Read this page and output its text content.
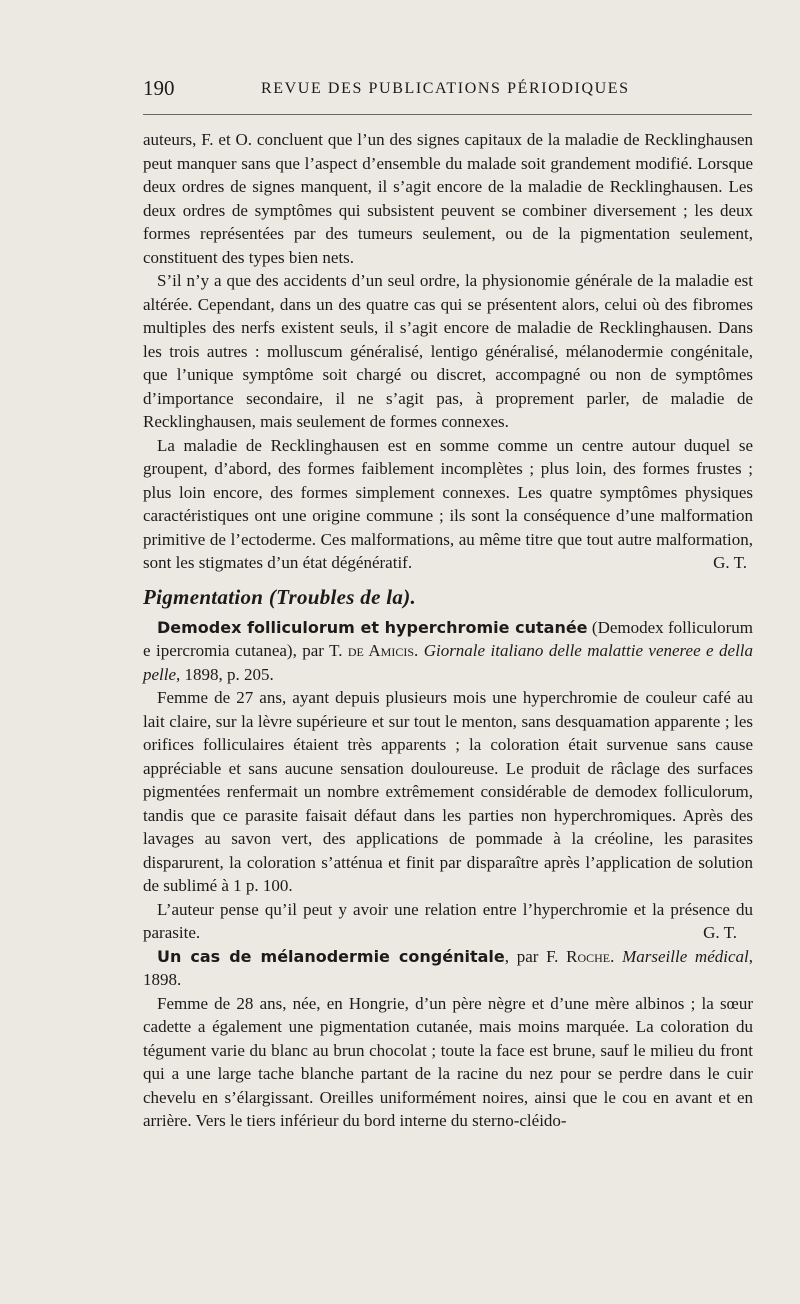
190	REVUE DES PUBLICATIONS PÉRIODIQUES

auteurs, F. et O. concluent que l’un des signes capitaux de la maladie de Recklinghausen peut manquer sans que l’aspect d’ensemble du malade soit grandement modifié. Lorsque deux ordres de signes manquent, il s’agit encore de la maladie de Recklinghausen. Les deux ordres de symptômes qui subsistent peuvent se combiner diversement ; les deux formes représentées par des tumeurs seulement, ou de la pigmentation seulement, constituent des types bien nets.

S’il n’y a que des accidents d’un seul ordre, la physionomie générale de la maladie est altérée. Cependant, dans un des quatre cas qui se présentent alors, celui où des fibromes multiples des nerfs existent seuls, il s’agit encore de maladie de Recklinghausen. Dans les trois autres : molluscum généralisé, lentigo généralisé, mélanodermie congénitale, que l’unique symptôme soit chargé ou discret, accompagné ou non de symptômes d’importance secondaire, il ne s’agit pas, à proprement parler, de maladie de Recklinghausen, mais seulement de formes connexes.

La maladie de Recklinghausen est en somme comme un centre autour duquel se groupent, d’abord, des formes faiblement incomplètes ; plus loin, des formes frustes ; plus loin encore, des formes simplement connexes. Les quatre symptômes physiques caractéristiques ont une origine commune ; ils sont la conséquence d’une malformation primitive de l’ectoderme. Ces malformations, au même titre que tout autre malformation, sont les stigmates d’un état dégénératif.	G. T.

Pigmentation (Troubles de la).

Demodex folliculorum et hyperchromie cutanée (Demodex folliculorum e ipercromia cutanea), par T. de Amicis. Giornale italiano delle malattie veneree e della pelle, 1898, p. 205.

Femme de 27 ans, ayant depuis plusieurs mois une hyperchromie de couleur café au lait claire, sur la lèvre supérieure et sur tout le menton, sans desquamation apparente ; les orifices folliculaires étaient très apparents ; la coloration était survenue sans cause appréciable et sans aucune sensation douloureuse. Le produit de râclage des surfaces pigmentées renfermait un nombre extrêmement considérable de demodex folliculorum, tandis que ce parasite faisait défaut dans les parties non hyperchromiques. Après des lavages au savon vert, des applications de pommade à la créoline, les parasites disparurent, la coloration s’atténua et finit par disparaître après l’application de solution de sublimé à 1 p. 100.

L’auteur pense qu’il peut y avoir une relation entre l’hyperchromie et la présence du parasite.	G. T.

Un cas de mélanodermie congénitale, par F. Roche. Marseille médical, 1898.

Femme de 28 ans, née, en Hongrie, d’un père nègre et d’une mère albinos ; la sœur cadette a également une pigmentation cutanée, mais moins marquée. La coloration du tégument varie du blanc au brun chocolat ; toute la face est brune, sauf le milieu du front qui a une large tache blanche partant de la racine du nez pour se perdre dans le cuir chevelu en s’élargissant. Oreilles uniformément noires, ainsi que le cou en avant et en arrière. Vers le tiers inférieur du bord interne du sterno-cléido-
